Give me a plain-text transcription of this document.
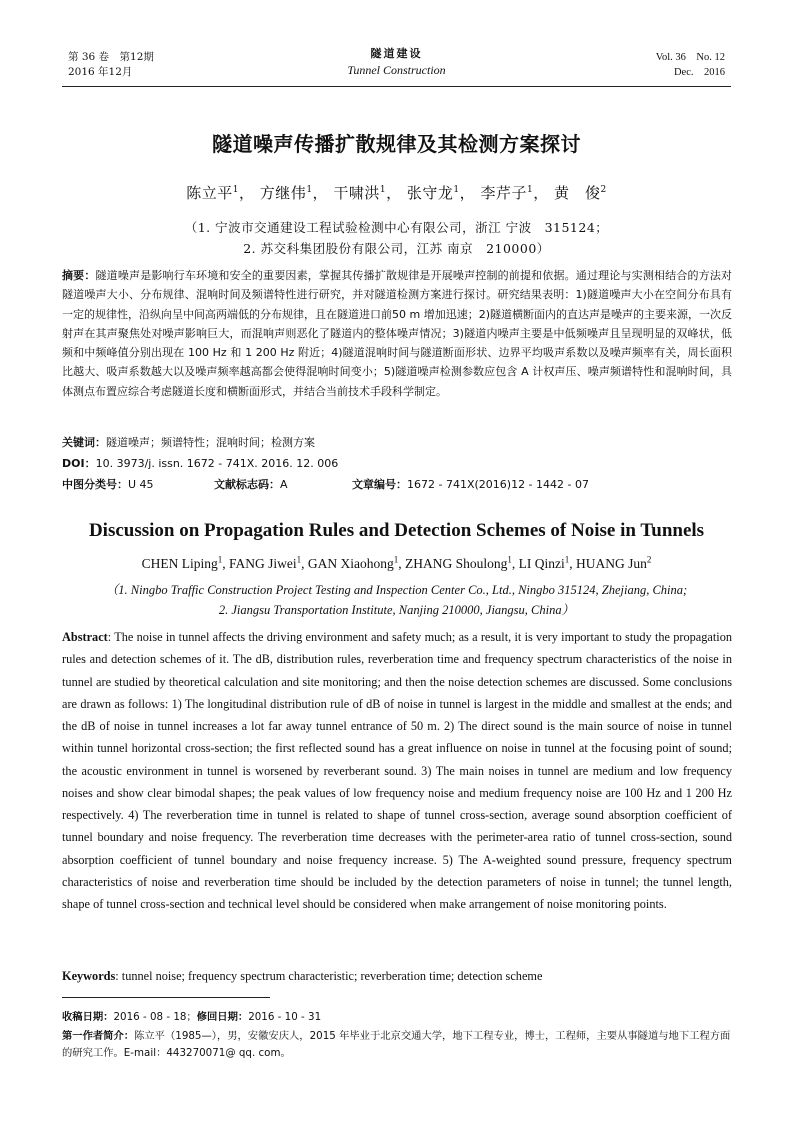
第 36 卷　第12期
2016 年12月
隧道建设
Tunnel Construction
Vol. 36　No. 12
Dec.　2016
隧道噪声传播扩散规律及其检测方案探讨
陈立平$^1$， 方继伟$^1$， 干啸洪$^1$， 张守龙$^1$， 李芹子$^1$， 黄　俊$^2$
（1. 宁波市交通建设工程试验检测中心有限公司，浙江 宁波　315124；
2. 苏交科集团股份有限公司，江苏 南京　210000）
摘要：隧道噪声是影响行车环境和安全的重要因素，掌握其传播扩散规律是开展噪声控制的前提和依据。通过理论与实测相结合的方法对隧道噪声大小、分布规律、混响时间及频谱特性进行研究，并对隧道检测方案进行探讨。研究结果表明：1)隧道噪声大小在空间分布具有一定的规律性，沿纵向呈中间高两端低的分布规律，且在隧道进口前50 m 增加迅速；2)隧道横断面内的直达声是噪声的主要来源，一次反射声在其声聚焦处对噪声影响巨大，而混响声则恶化了隧道内的整体噪声情况；3)隧道内噪声主要是中低频噪声且呈现明显的双峰状，低频和中频峰值分别出现在 100 Hz 和 1 200 Hz 附近；4)隧道混响时间与隧道断面形状、边界平均吸声系数以及噪声频率有关，周长面积比越大、吸声系数越大以及噪声频率越高都会使得混响时间变小；5)隧道噪声检测参数应包含 A 计权声压、噪声频谱特性和混响时间，具体测点布置应综合考虑隧道长度和横断面形式，并结合当前技术手段科学制定。
关键词：隧道噪声；频谱特性；混响时间；检测方案
DOI：10. 3973/j. issn. 1672 - 741X. 2016. 12. 006
中图分类号：U 45	文献标志码：A	文章编号：1672 - 741X(2016)12 - 1442 - 07
Discussion on Propagation Rules and Detection Schemes of Noise in Tunnels
CHEN Liping$^1$, FANG Jiwei$^1$, GAN Xiaohong$^1$, ZHANG Shoulong$^1$, LI Qinzi$^1$, HUANG Jun$^2$
（1. Ningbo Traffic Construction Project Testing and Inspection Center Co., Ltd., Ningbo 315124, Zhejiang, China;
2. Jiangsu Transportation Institute, Nanjing 210000, Jiangsu, China）
Abstract: The noise in tunnel affects the driving environment and safety much; as a result, it is very important to study the propagation rules and detection schemes of it. The dB, distribution rules, reverberation time and frequency spectrum characteristics of the noise in tunnel are studied by theoretical calculation and site monitoring; and then the noise detection schemes are discussed. Some conclusions are drawn as follows: 1) The longitudinal distribution rule of dB of noise in tunnel is largest in the middle and smallest at the ends; and the dB of noise in tunnel increases a lot far away tunnel entrance of 50 m. 2) The direct sound is the main source of noise in tunnel within tunnel horizontal cross-section; the first reflected sound has a great influence on noise in tunnel at the focusing point of sound; the acoustic environment in tunnel is worsened by reverberant sound. 3) The main noises in tunnel are medium and low frequency noises and show clear bimodal shapes; the peak values of low frequency noise and medium frequency noise are 100 Hz and 1 200 Hz respectively. 4) The reverberation time in tunnel is related to shape of tunnel cross-section, average sound absorption coefficient of tunnel boundary and noise frequency. The reverberation time decreases with the perimeter-area ratio of tunnel cross-section, sound absorption coefficient of tunnel boundary and noise frequency increase. 5) The A-weighted sound pressure, frequency spectrum characteristics of noise and reverberation time should be included by the detection parameters of noise in tunnel; the tunnel length, shape of tunnel cross-section and technical level should be considered when make arrangement of noise monitoring points.
Keywords: tunnel noise; frequency spectrum characteristic; reverberation time; detection scheme
收稿日期：2016 - 08 - 18；修回日期：2016 - 10 - 31
第一作者简介：陈立平（1985—），男，安徽安庆人，2015 年毕业于北京交通大学，地下工程专业，博士，工程师，主要从事隧道与地下工程方面的研究工作。E-mail：443270071@ qq. com。
